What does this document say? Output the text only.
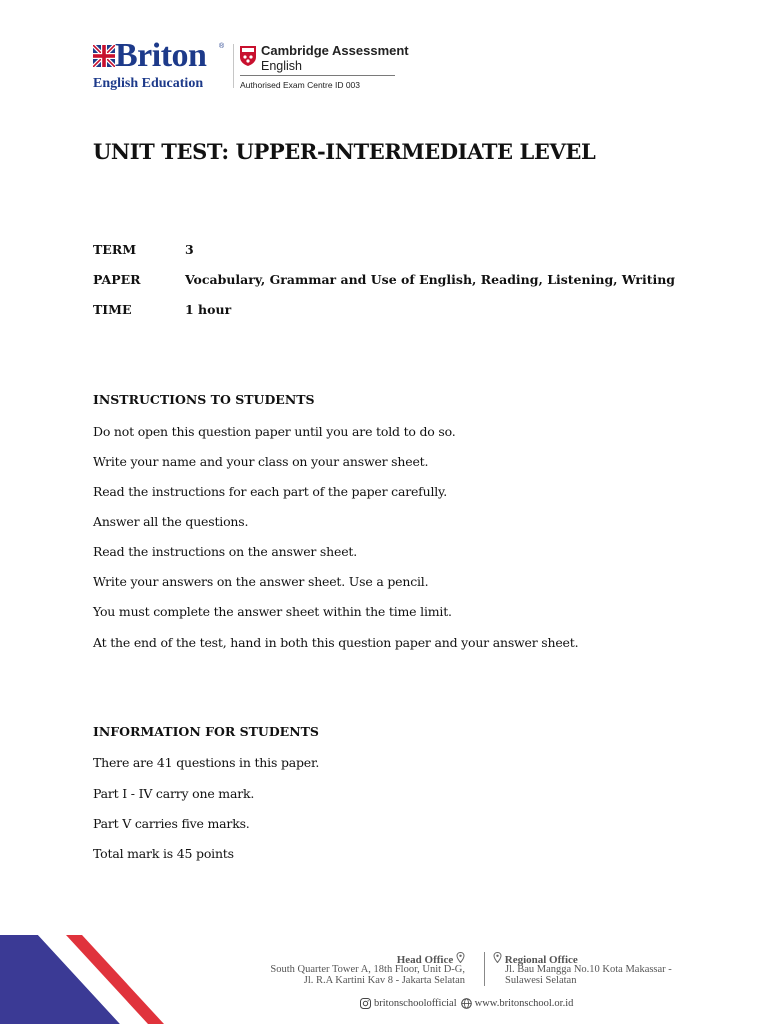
Briton ®
English Education
Cambridge Assessment
English
Authorised Exam Centre ID 003
UNIT TEST: UPPER-INTERMEDIATE LEVEL
TERM	3
PAPER	Vocabulary, Grammar and Use of English, Reading, Listening, Writing
TIME	1 hour
INSTRUCTIONS TO STUDENTS
Do not open this question paper until you are told to do so.
Write your name and your class on your answer sheet.
Read the instructions for each part of the paper carefully.
Answer all the questions.
Read the instructions on the answer sheet.
Write your answers on the answer sheet. Use a pencil.
You must complete the answer sheet within the time limit.
At the end of the test, hand in both this question paper and your answer sheet.
INFORMATION FOR STUDENTS
There are 41 questions in this paper.
Part I - IV carry one mark.
Part V carries five marks.
Total mark is 45 points
Head Office
South Quarter Tower A, 18th Floor, Unit D-G,
Jl. R.A Kartini Kav 8 - Jakarta Selatan
Regional Office
Jl. Bau Mangga No.10 Kota Makassar -
Sulawesi Selatan
britonschoolofficial www.britonschool.or.id
